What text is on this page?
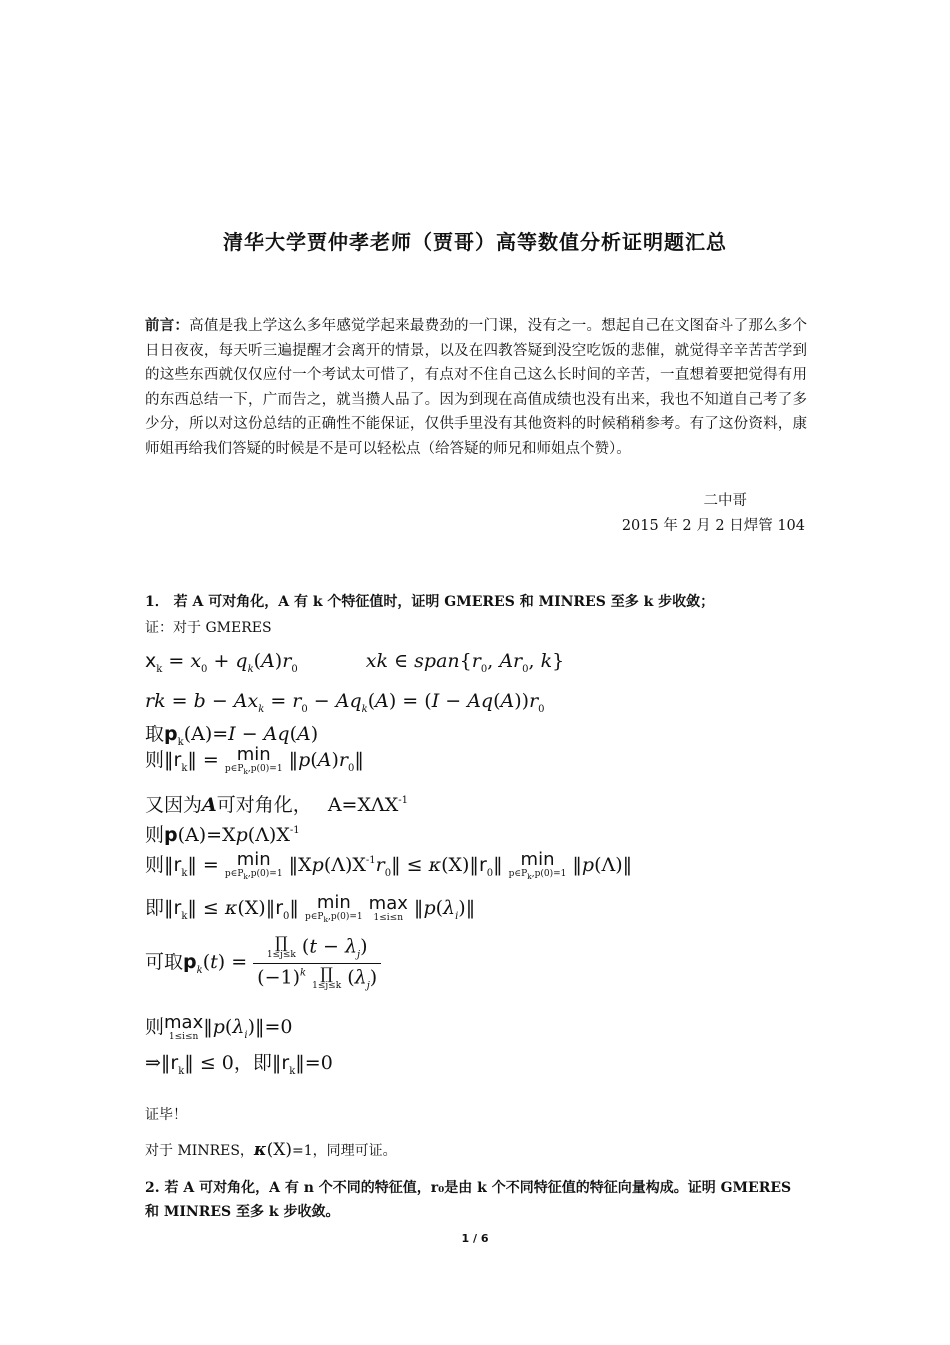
清华大学贾仲孝老师（贾哥）高等数值分析证明题汇总
前言：高值是我上学这么多年感觉学起来最费劲的一门课，没有之一。想起自己在文图奋斗了那么多个日日夜夜，每天听三遍提醒才会离开的情景，以及在四教答疑到没空吃饭的悲催，就觉得辛辛苦苦学到的这些东西就仅仅应付一个考试太可惜了，有点对不住自己这么长时间的辛苦，一直想着要把觉得有用的东西总结一下，广而告之，就当攒人品了。因为到现在高值成绩也没有出来，我也不知道自己考了多少分，所以对这份总结的正确性不能保证，仅供手里没有其他资料的时候稍稍参考。有了这份资料，康师姐再给我们答疑的时候是不是可以轻松点（给答疑的师兄和师姐点个赞）。
二中哥
2015 年 2 月 2 日焊管 104
1． 若 A 可对角化，A 有 k 个特征值时，证明 GMERES 和 MINRES 至多 k 步收敛；
证：对于 GMERES
$x_k = x_0 + q_k(A)r_0$	xk ∈ $span\{r_0$, $Ar_0$, k}
rk = $b - Ax_k = r_0 - Aq_k(A) = (I - Aq(A))r_0$
取$p_k(A)=I - Aq(A)$
则$‖r_k‖ = \min$
$p\in P_k,p(0)=1$ $‖p(A)r_0‖$
又因为A可对角化， $A=X\Lambda X^{-1}$
则$p(A)=Xp(\Lambda)X^{-1}$
则$‖r_k‖ = \min$
$p\in P_k,p(0)=1$ $‖Xp(\Lambda)X^{-1}r_0‖$ ≤ $\kappa(X)‖r_0‖$ min
$p\in P_k,p(0)=1$ ‖p(Λ)‖
即$‖r_k‖$ ≤ $\kappa(X)‖r_0‖$ min
$p\in P_k,p(0)=1$

max
1≤i≤n $‖p(\lambda_i)‖$
可取$p_k(t)$ = ∏
1≤j≤k $(t - \lambda_j)$
$(-1)^k$ ∏
1≤j≤k $(\lambda_j)$
则 max
1≤i≤n $‖p(\lambda_i)‖=0$
$\Rightarrow‖r_k‖ \le 0$，即$‖r_k‖=0$
证毕！
对于 MINRES，κ(X)=1，同理可证。
2. 若 A 可对角化，A 有 n 个不同的特征值，r₀是由 k 个不同特征值的特征向量构成。证明 GMERES 和 MINRES 至多 k 步收敛。
1 / 6
